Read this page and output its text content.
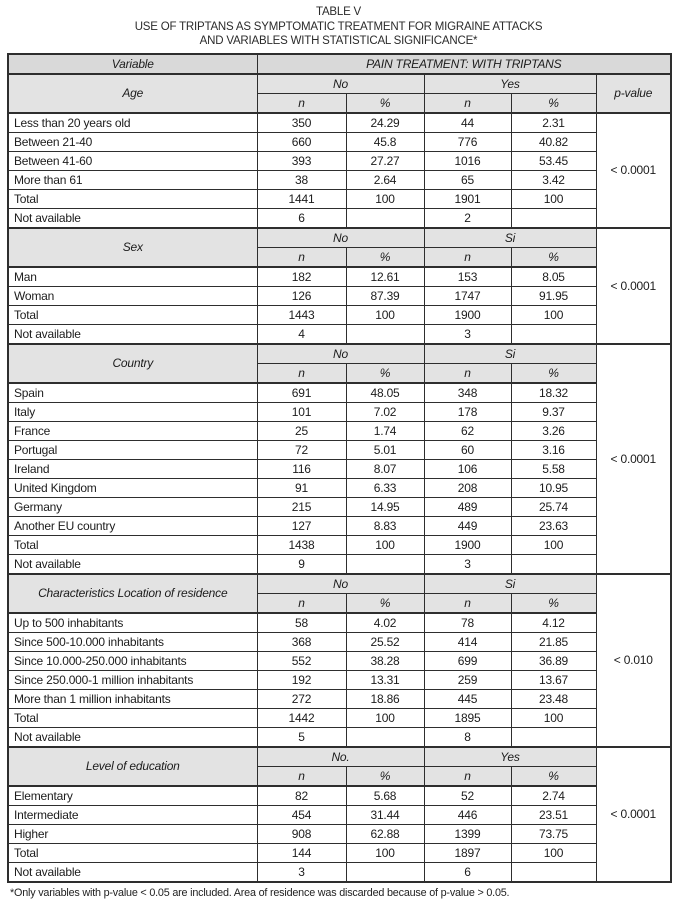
TABLE V
USE OF TRIPTANS AS SYMPTOMATIC TREATMENT FOR MIGRAINE ATTACKS
AND VARIABLES WITH STATISTICAL SIGNIFICANCE*
Variable	PAIN TREATMENT: WITH TRIPTANS				
Age	No		Yes		p-value
	n	%	n	%	
Less than 20 years old	350	24.29	44	2.31	< 0.0001
Between 21-40	660	45.8	776	40.82	
Between 41-60	393	27.27	1016	53.45	
More than 61	38	2.64	65	3.42	
Total	1441	100	1901	100	
Not available	6		2		
Sex	No		Si		< 0.0001
	n	%	n	%	
Man	182	12.61	153	8.05	
Woman	126	87.39	1747	91.95	
Total	1443	100	1900	100	
Not available	4		3		
Country	No		Si		< 0.0001
	n	%	n	%	
Spain	691	48.05	348	18.32	
Italy	101	7.02	178	9.37	
France	25	1.74	62	3.26	
Portugal	72	5.01	60	3.16	
Ireland	116	8.07	106	5.58	
United Kingdom	91	6.33	208	10.95	
Germany	215	14.95	489	25.74	
Another EU country	127	8.83	449	23.63	
Total	1438	100	1900	100	
Not available	9		3		
Characteristics Location of residence	No		Si		< 0.010
	n	%	n	%	
Up to 500 inhabitants	58	4.02	78	4.12	
Since 500-10.000 inhabitants	368	25.52	414	21.85	
Since 10.000-250.000 inhabitants	552	38.28	699	36.89	
Since 250.000-1 million inhabitants	192	13.31	259	13.67	
More than 1 million inhabitants	272	18.86	445	23.48	
Total	1442	100	1895	100	
Not available	5		8		
Level of education	No.		Yes		< 0.0001
	n	%	n	%	
Elementary	82	5.68	52	2.74	
Intermediate	454	31.44	446	23.51	
Higher	908	62.88	1399	73.75	
Total	144	100	1897	100	
Not available	3		6		
*Only variables with p-value < 0.05 are included. Area of residence was discarded because of p-value > 0.05.
